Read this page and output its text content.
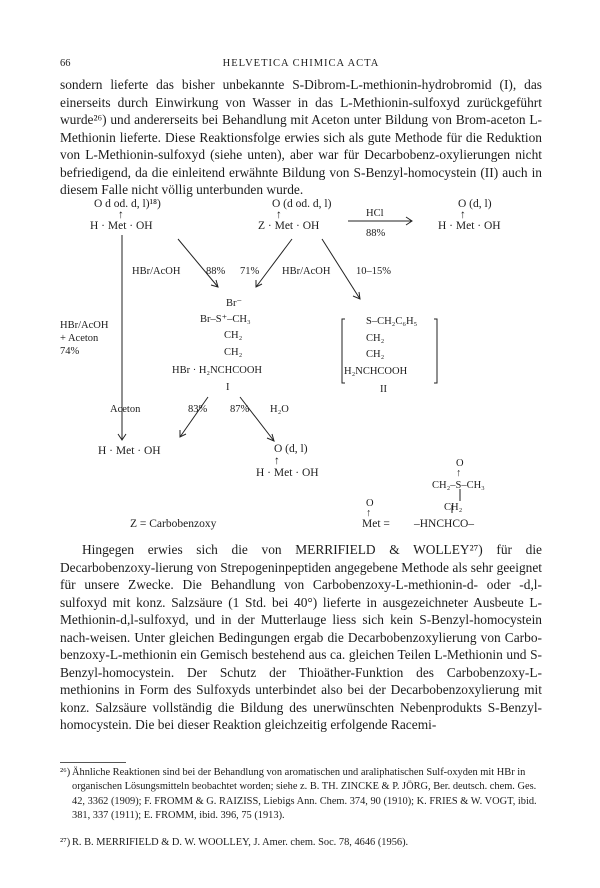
66	HELVETICA CHIMICA ACTA

sondern lieferte das bisher unbekannte S-Dibrom-L-methionin-hydrobromid (I), das einerseits durch Einwirkung von Wasser in das L-Methionin-sulfoxyd zurückgeführt wurde²⁶) und andererseits bei Behandlung mit Aceton unter Bildung von Brom-aceton L-Methionin lieferte. Diese Reaktionsfolge erwies sich als gute Methode für die Reduktion von L-Methionin-sulfoxyd (siehe unten), aber war für Decarbobenz-oxylierungen nicht befriedigend, da die einleitend erwähnte Bildung von S-Benzyl-homocystein (II) auch in diesem Falle nicht völlig unterbunden wurde.

O d od. d, l)¹⁸)
↑
H · Met · OH
O (d od. d, l)
↑
Z · Met · OH
HCl
88%
O (d, l)
↑
H · Met · OH
HBr/AcOH 88% 71% HBr/AcOH 10–15%
HBr/AcOH
+ Aceton
74%
Br⁻
Br–S⁺–CH₃
CH₂
CH₂
HBr · H₂NCHCOOH
I
S–CH₂C₆H₅
CH₂
CH₂
H₂NCHCOOH
II
Aceton	83% 87% H₂O
H · Met · OH	O (d, l)
↑
H · Met · OH
Z = Carbobenzoxy
O
↑
Met = –HNCHCO–
O
↑
CH₂–S–CH₃
CH₂

Hingegen erwies sich die von MERRIFIELD & WOLLEY²⁷) für die Decarbobenzoxy-lierung von Strepogeninpeptiden angegebene Methode als sehr geeignet für unsere Zwecke. Die Behandlung von Carbobenzoxy-L-methionin-d- oder -d,l-sulfoxyd mit konz. Salzsäure (1 Std. bei 40°) lieferte in ausgezeichneter Ausbeute L-Methionin-d,l-sulfoxyd, und in der Mutterlauge liess sich kein S-Benzyl-homocystein nach-weisen. Unter gleichen Bedingungen ergab die Decarbobenzoxylierung von Carbo-benzoxy-L-methionin ein Gemisch bestehend aus ca. gleichen Teilen L-Methionin und S-Benzyl-homocystein. Der Schutz der Thioäther-Funktion des Carbobenzoxy-L-methionins in Form des Sulfoxyds unterbindet also bei der Decarbobenzoxylierung mit konz. Salzsäure vollständig die Bildung des unerwünschten Nebenprodukts S-Benzyl-homocystein. Die bei dieser Reaktion gleichzeitig erfolgende Racemi-

²⁶) Ähnliche Reaktionen sind bei der Behandlung von aromatischen und araliphatischen Sulf-oxyden mit HBr in organischen Lösungsmitteln beobachtet worden; siehe z. B. TH. ZINCKE & P. JÖRG, Ber. deutsch. chem. Ges. 42, 3362 (1909); F. FROMM & G. RAIZISS, Liebigs Ann. Chem. 374, 90 (1910); K. FRIES & W. VOGT, ibid. 381, 337 (1911); E. FROMM, ibid. 396, 75 (1913).

²⁷) R. B. MERRIFIELD & D. W. WOOLLEY, J. Amer. chem. Soc. 78, 4646 (1956).
